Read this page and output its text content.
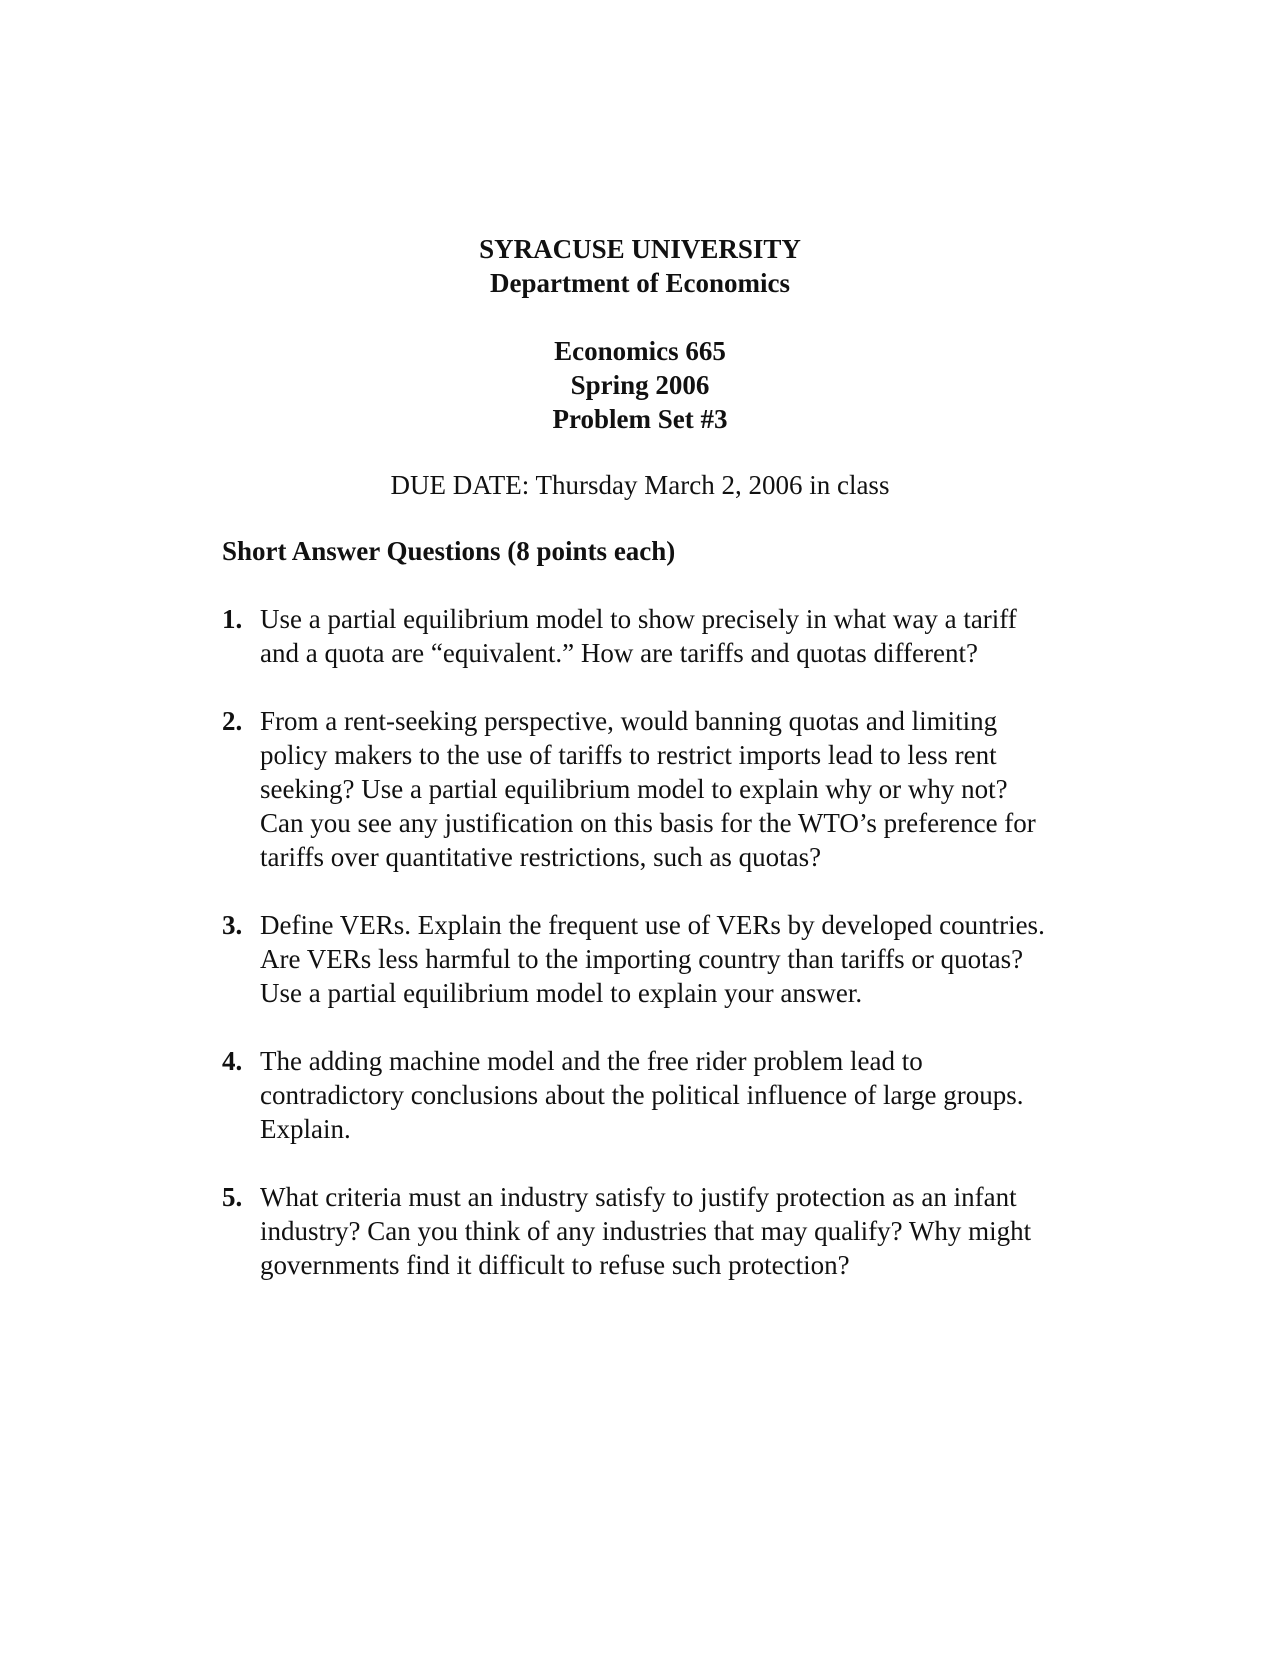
SYRACUSE UNIVERSITY
Department of Economics
Economics 665
Spring 2006
Problem Set #3
DUE DATE: Thursday March 2, 2006 in class
Short Answer Questions (8 points each)
1. Use a partial equilibrium model to show precisely in what way a tariff
and a quota are “equivalent.” How are tariffs and quotas different?
2. From a rent-seeking perspective, would banning quotas and limiting
policy makers to the use of tariffs to restrict imports lead to less rent
seeking? Use a partial equilibrium model to explain why or why not?
Can you see any justification on this basis for the WTO’s preference for
tariffs over quantitative restrictions, such as quotas?
3. Define VERs. Explain the frequent use of VERs by developed countries.
Are VERs less harmful to the importing country than tariffs or quotas?
Use a partial equilibrium model to explain your answer.
4. The adding machine model and the free rider problem lead to
contradictory conclusions about the political influence of large groups.
Explain.
5. What criteria must an industry satisfy to justify protection as an infant
industry? Can you think of any industries that may qualify? Why might
governments find it difficult to refuse such protection?
